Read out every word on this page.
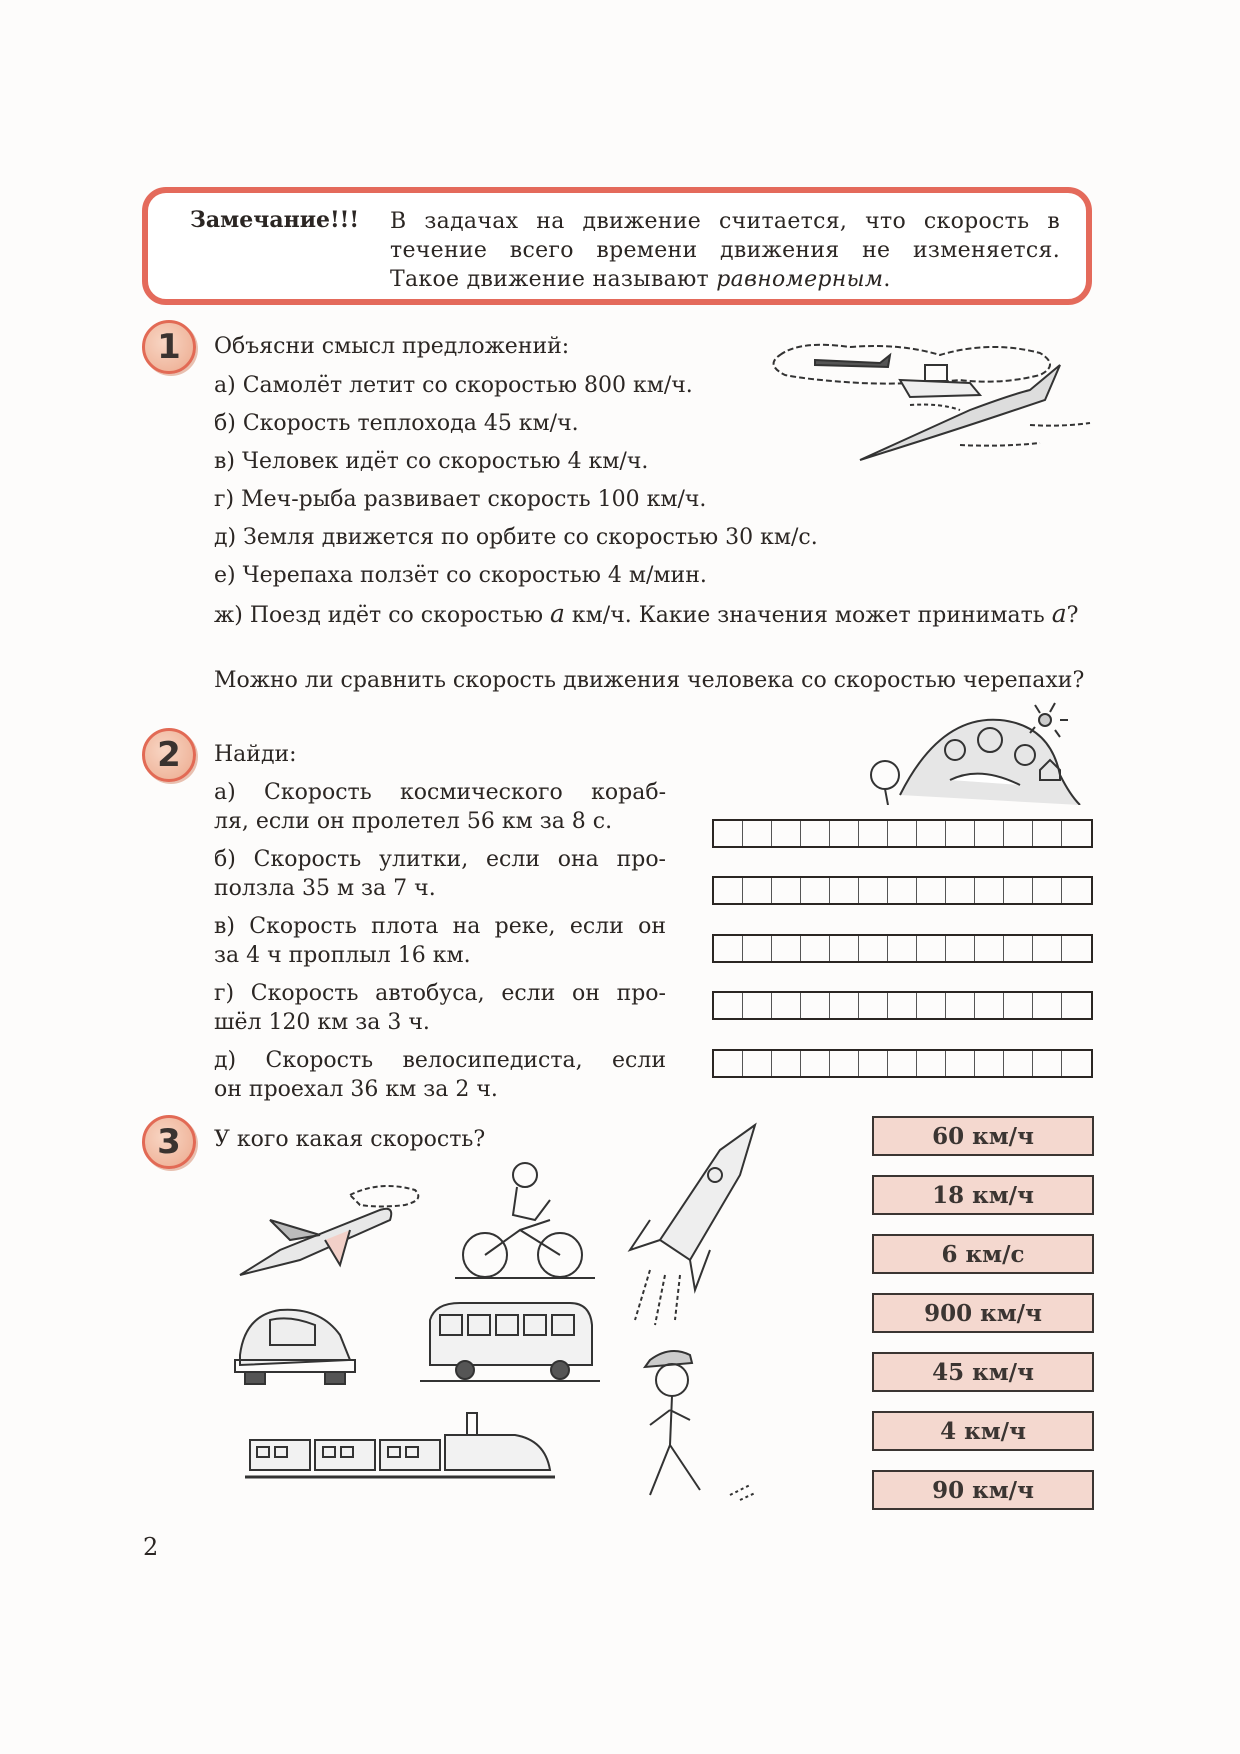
Замечание!!! В задачах на движение считается, что скорость в течение всего времени движения не изменяется. Такое движение называют равномерным.
1	Объясни смысл предложений:
а) Самолёт летит со скоростью 800 км/ч.
б) Скорость теплохода 45 км/ч.
в) Человек идёт со скоростью 4 км/ч.
г) Меч-рыба развивает скорость 100 км/ч.
д) Земля движется по орбите со скоростью 30 км/с.
е) Черепаха ползёт со скоростью 4 м/мин.
ж) Поезд идёт со скоростью a км/ч. Какие значения может принимать a?
Можно ли сравнить скорость движения человека со скоростью черепахи?
2	Найди:
а) Скорость космического кораб-
ля, если он пролетел 56 км за 8 с.
б) Скорость улитки, если она про-
ползла 35 м за 7 ч.
в) Скорость плота на реке, если он
за 4 ч проплыл 16 км.
г) Скорость автобуса, если он про-
шёл 120 км за 3 ч.
д) Скорость велосипедиста, если
он проехал 36 км за 2 ч.
3	У кого какая скорость?	60 км/ч
18 км/ч
6 км/с
900 км/ч
45 км/ч
4 км/ч
90 км/ч
2
